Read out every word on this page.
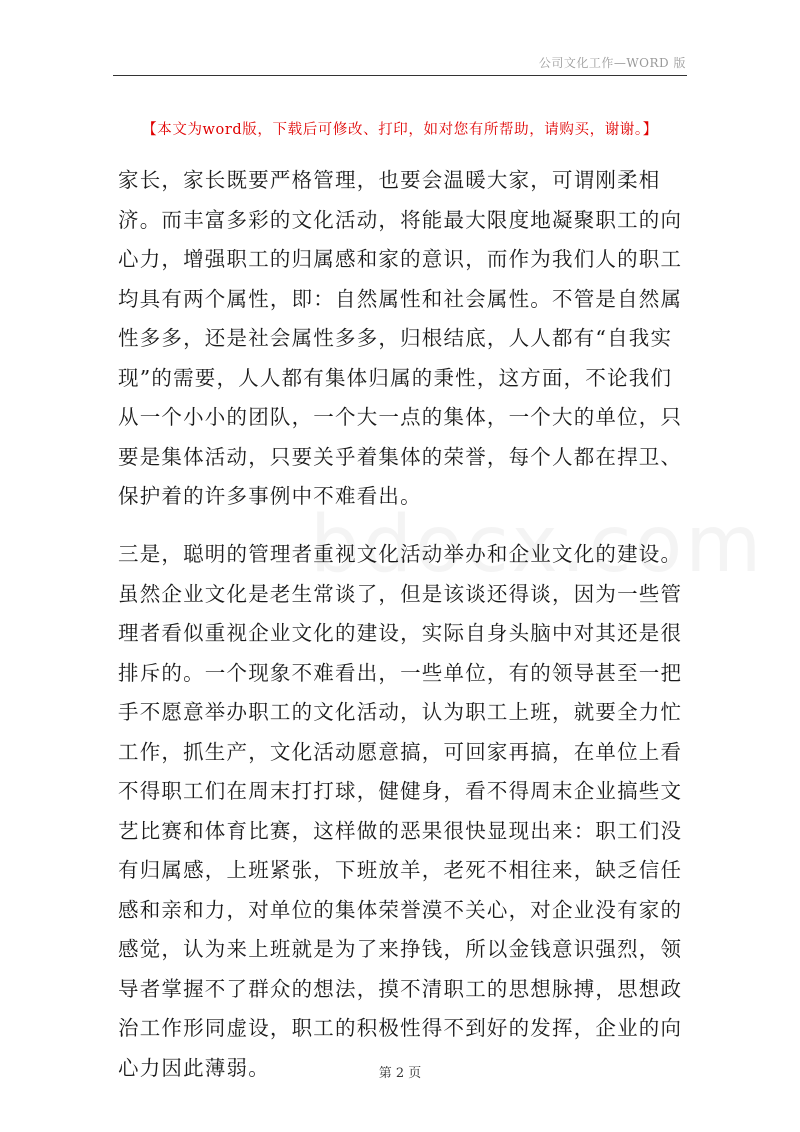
公司文化工作—WORD 版
【本文为word版，下载后可修改、打印，如对您有所帮助，请购买，谢谢。】

家长，家长既要严格管理，也要会温暖大家，可谓刚柔相济。而丰富多彩的文化活动，将能最大限度地凝聚职工的向心力，增强职工的归属感和家的意识，而作为我们人的职工均具有两个属性，即：自然属性和社会属性。不管是自然属性多多，还是社会属性多多，归根结底，人人都有“自我实现”的需要，人人都有集体归属的秉性，这方面，不论我们从一个小小的团队，一个大一点的集体，一个大的单位，只要是集体活动，只要关乎着集体的荣誉，每个人都在捍卫、保护着的许多事例中不难看出。

三是，聪明的管理者重视文化活动举办和企业文化的建设。虽然企业文化是老生常谈了，但是该谈还得谈，因为一些管理者看似重视企业文化的建设，实际自身头脑中对其还是很排斥的。一个现象不难看出，一些单位，有的领导甚至一把手不愿意举办职工的文化活动，认为职工上班，就要全力忙工作，抓生产，文化活动愿意搞，可回家再搞，在单位上看不得职工们在周末打打球，健健身，看不得周末企业搞些文艺比赛和体育比赛，这样做的恶果很快显现出来：职工们没有归属感，上班紧张，下班放羊，老死不相往来，缺乏信任感和亲和力，对单位的集体荣誉漠不关心，对企业没有家的感觉，认为来上班就是为了来挣钱，所以金钱意识强烈，领导者掌握不了群众的想法，摸不清职工的思想脉搏，思想政治工作形同虚设，职工的积极性得不到好的发挥，企业的向心力因此薄弱。	第 2 页
